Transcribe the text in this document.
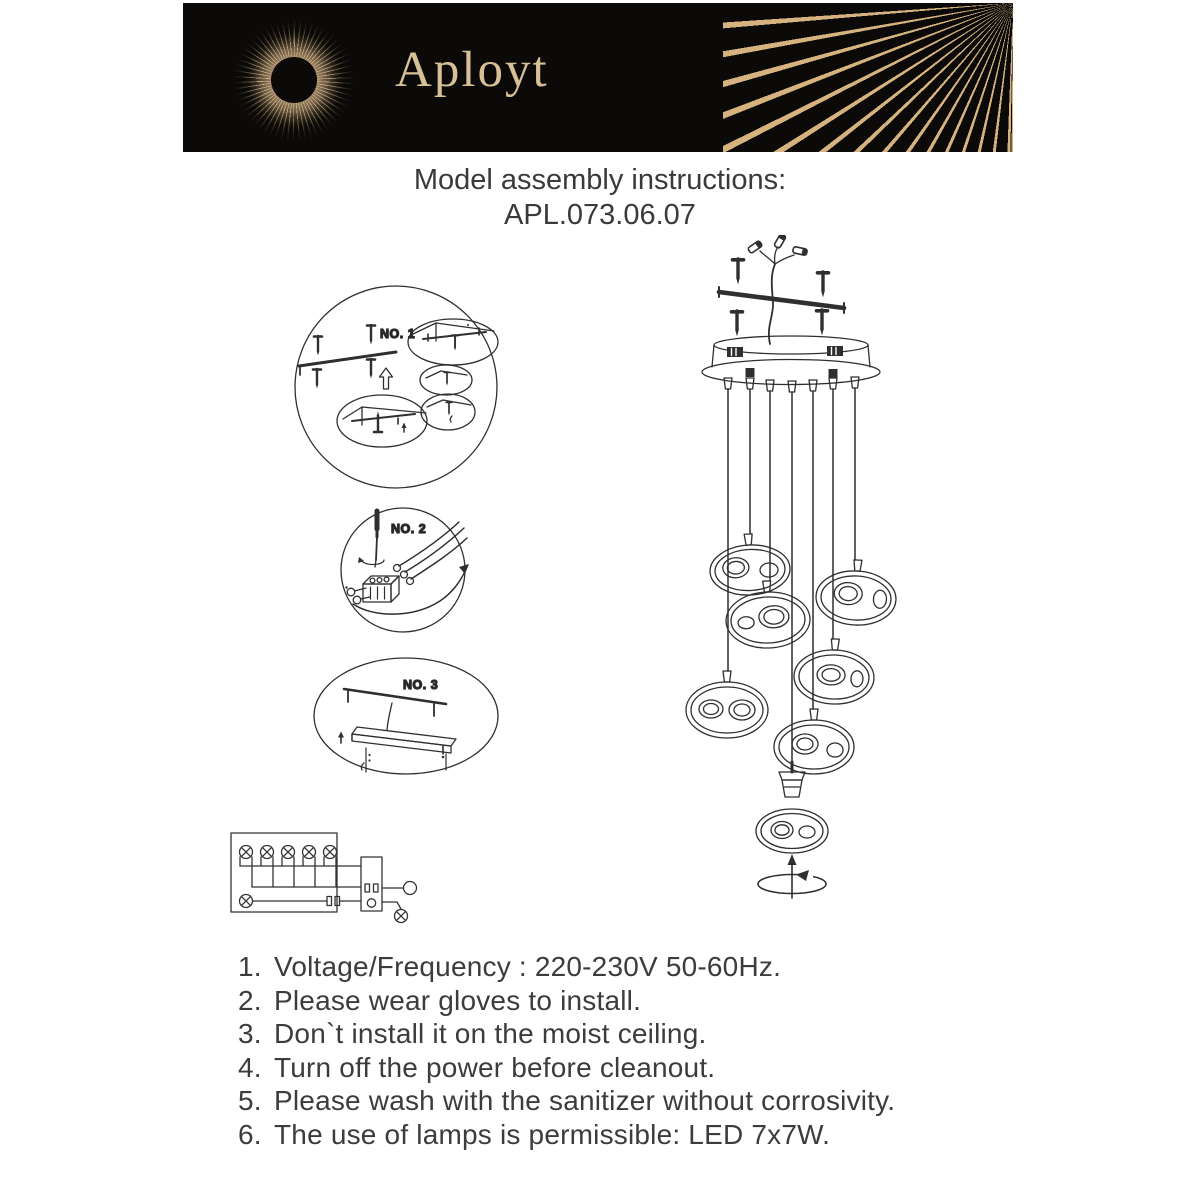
Aployt
Model assembly instructions:
APL.073.06.07
NO. 1
NO. 2
NO. 3
1. Voltage/Frequency : 220-230V 50-60Hz.
2. Please wear gloves to install.
3. Don`t install it on the moist ceiling.
4. Turn off the power before cleanout.
5. Please wash with the sanitizer without corrosivity.
6. The use of lamps is permissible: LED 7x7W.
